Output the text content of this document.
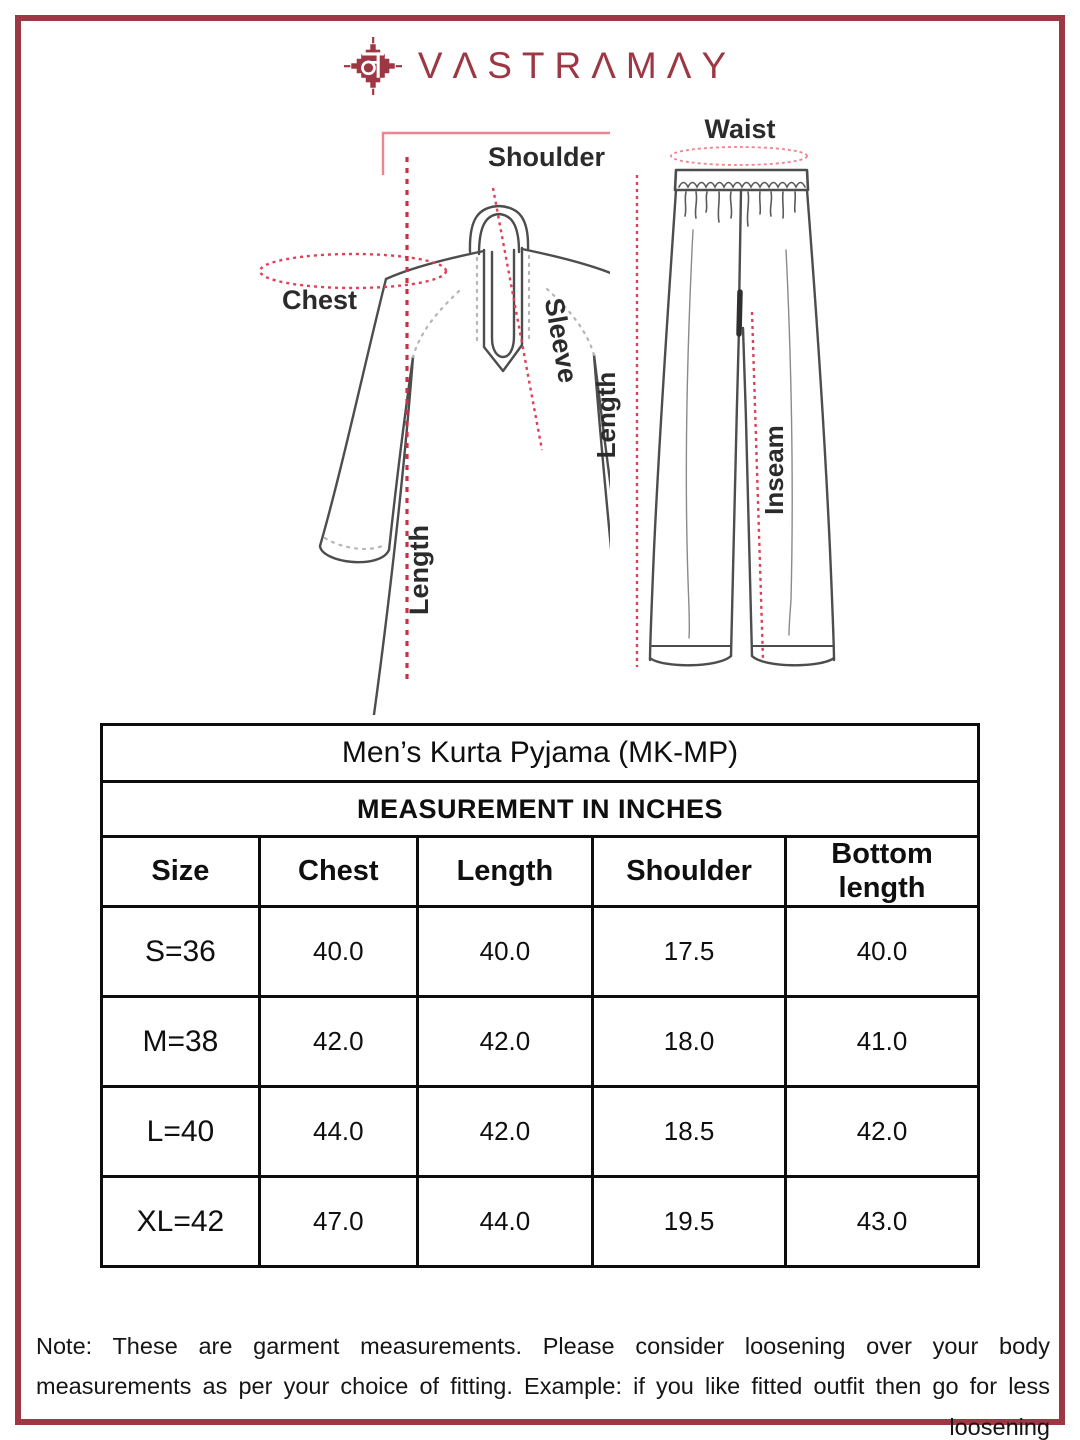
VΛSTRΛMΛY
Shoulder
Chest	Sleeve
Length
Waist
Length
Inseam
Men’s Kurta Pyjama (MK-MP)				
MEASUREMENT IN INCHES				
Size	Chest	Length	Shoulder	Bottom length
S=36	40.0	40.0	17.5	40.0
M=38	42.0	42.0	18.0	41.0
L=40	44.0	42.0	18.5	42.0
XL=42	47.0	44.0	19.5	43.0
Note: These are garment measurements. Please consider loosening over your body measurements as per your choice of fitting. Example: if you like fitted outfit then go for less loosening
